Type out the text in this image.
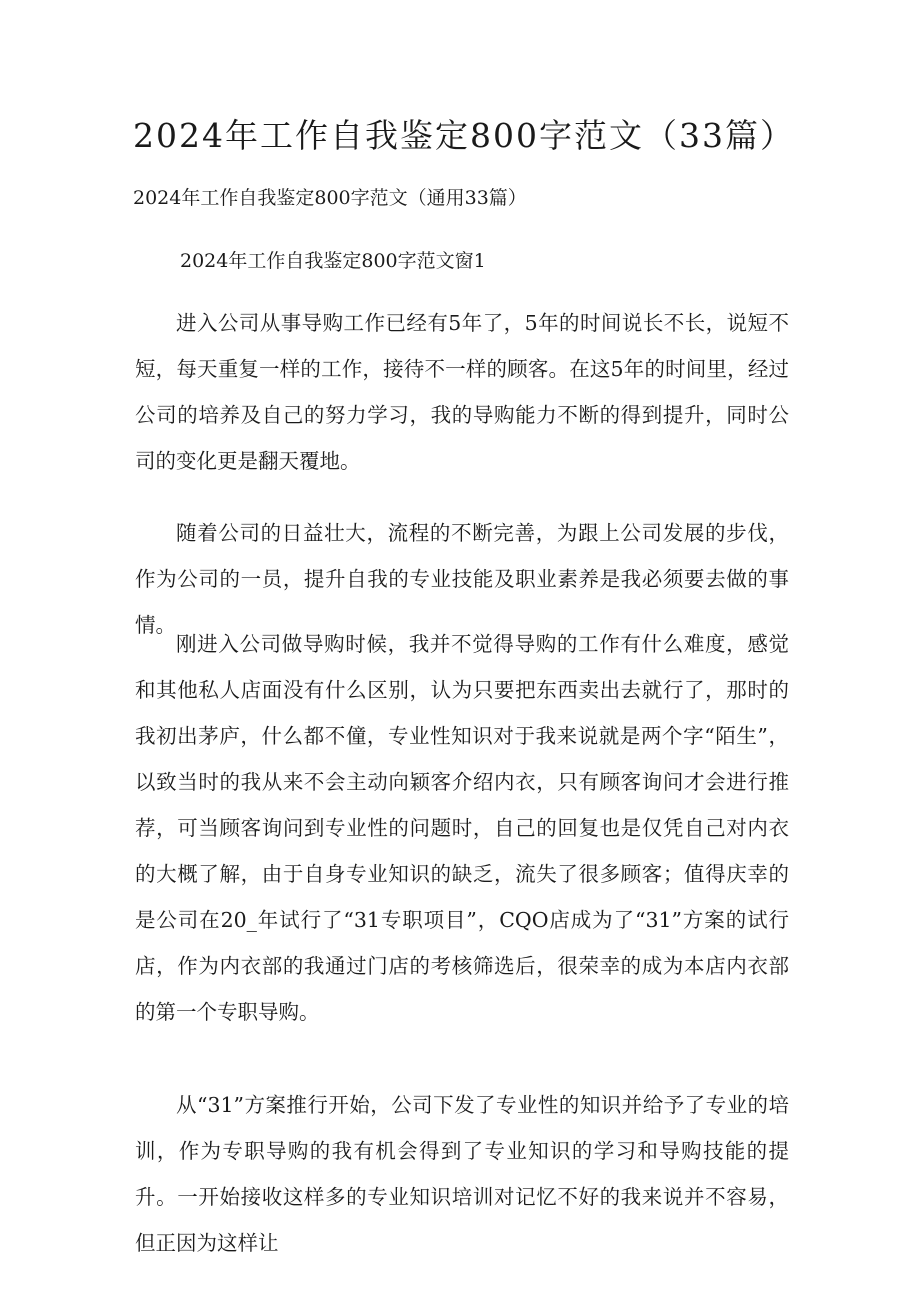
2024年工作自我鉴定800字范文（33篇）
2024年工作自我鉴定800字范文（通用33篇）
2024年工作自我鉴定800字范文窗1

进入公司从事导购工作已经有5年了，5年的时间说长不长，说短不短，每天重复一样的工作，接待不一样的顾客。在这5年的时间里，经过公司的培养及自己的努力学习，我的导购能力不断的得到提升，同时公司的变化更是翻天覆地。

随着公司的日益壮大，流程的不断完善，为跟上公司发展的步伐，作为公司的一员，提升自我的专业技能及职业素养是我必须要去做的事情。

刚进入公司做导购时候，我并不觉得导购的工作有什么难度，感觉和其他私人店面没有什么区别，认为只要把东西卖出去就行了，那时的我初出茅庐，什么都不僮，专业性知识对于我来说就是两个字“陌生”，以致当时的我从来不会主动向颖客介绍内衣，只有顾客询问才会进行推荐，可当顾客询问到专业性的问题时，自己的回复也是仅凭自己对内衣的大概了解，由于自身专业知识的缺乏，流失了很多顾客；值得庆幸的是公司在20_年试行了“31专职项目”，CQO店成为了“31”方案的试行店，作为内衣部的我通过门店的考核筛选后，很荣幸的成为本店内衣部的第一个专职导购。

从“31”方案推行开始，公司下发了专业性的知识并给予了专业的培训，作为专职导购的我有机会得到了专业知识的学习和导购技能的提升。一开始接收这样多的专业知识培训对记忆不好的我来说并不容易，但正因为这样让
